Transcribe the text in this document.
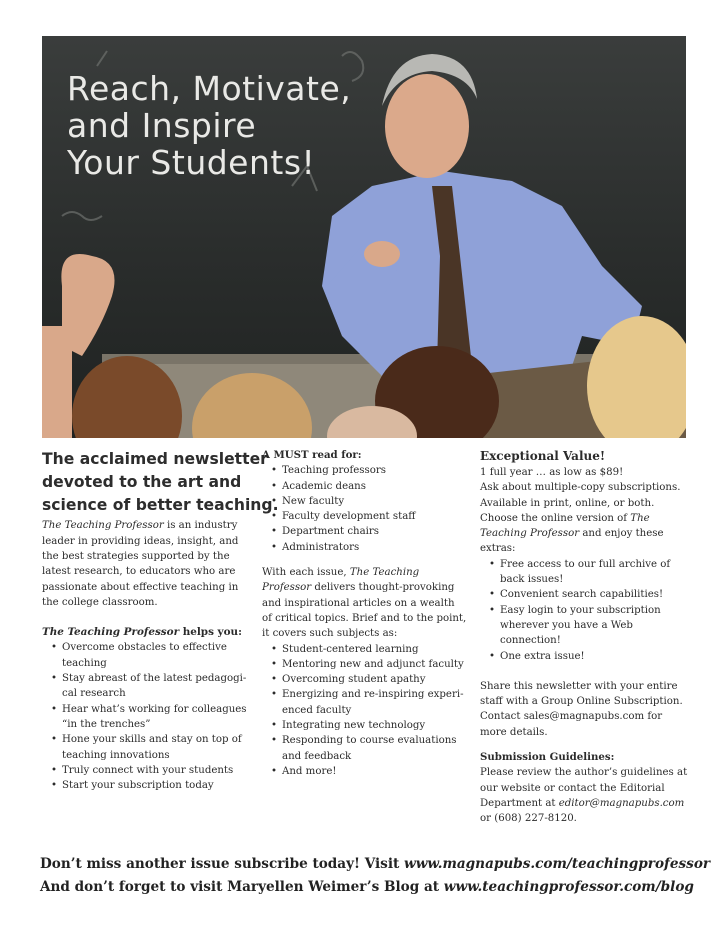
Reach, Motivate,
and Inspire
Your Students!
The acclaimed newsletter
devoted to the art and
science of better teaching.

The Teaching Professor is an industry
leader in providing ideas, insight, and
the best strategies supported by the
latest research, to educators who are
passionate about effective teaching in
the college classroom.

The Teaching Professor helps you:

• Overcome obstacles to effective
teaching
• Stay abreast of the latest pedagogi-
cal research
• Hear what’s working for colleagues
“in the trenches”
• Hone your skills and stay on top of
teaching innovations
• Truly connect with your students
• Start your subscription today

A MUST read for:

• Teaching professors
• Academic deans
• New faculty
• Faculty development staff
• Department chairs
• Administrators

With each issue, The Teaching
Professor delivers thought-provoking
and inspirational articles on a wealth
of critical topics. Brief and to the point,
it covers such subjects as:

• Student-centered learning
• Mentoring new and adjunct faculty
• Overcoming student apathy
• Energizing and re-inspiring experi-
enced faculty
• Integrating new technology
• Responding to course evaluations
and feedback
• And more!

Exceptional Value!

1 full year … as low as $89!
Ask about multiple-copy subscriptions.
Available in print, online, or both.
Choose the online version of The
Teaching Professor and enjoy these
extras:

• Free access to our full archive of
back issues!
• Convenient search capabilities!
• Easy login to your subscription
wherever you have a Web
connection!
• One extra issue!

Share this newsletter with your entire
staff with a Group Online Subscription.
Contact sales@magnapubs.com for
more details.

Submission Guidelines:

Please review the author’s guidelines at
our website or contact the Editorial
Department at editor@magnapubs.com
or (608) 227-8120.

Don’t miss another issue subscribe today! Visit www.magnapubs.com/teachingprofessor
And don’t forget to visit Maryellen Weimer’s Blog at www.teachingprofessor.com/blog
